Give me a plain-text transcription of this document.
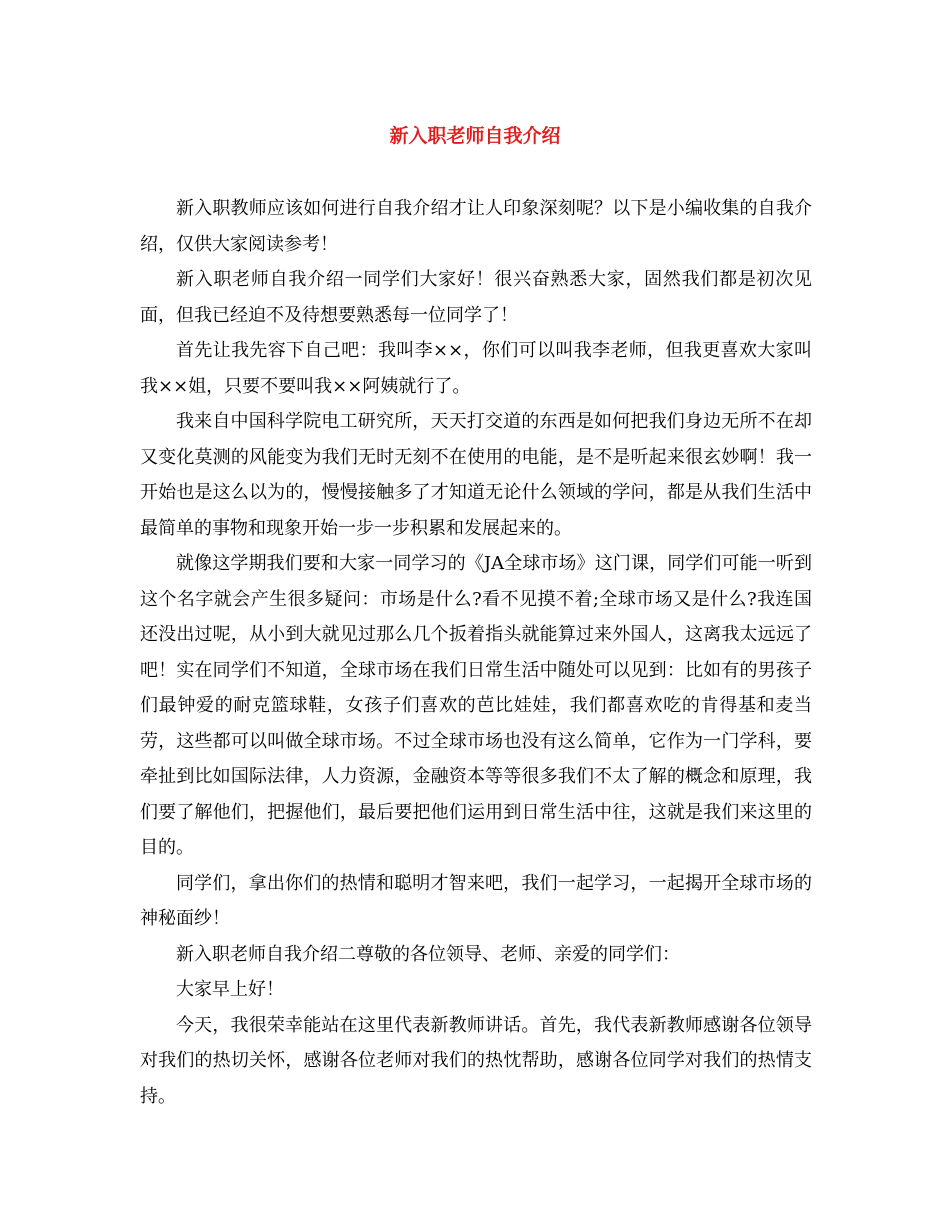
新入职老师自我介绍

新入职教师应该如何进行自我介绍才让人印象深刻呢？以下是小编收集的自我介绍，仅供大家阅读参考！

新入职老师自我介绍一同学们大家好！很兴奋熟悉大家，固然我们都是初次见面，但我已经迫不及待想要熟悉每一位同学了！

首先让我先容下自己吧：我叫李××，你们可以叫我李老师，但我更喜欢大家叫我××姐，只要不要叫我××阿姨就行了。

我来自中国科学院电工研究所，天天打交道的东西是如何把我们身边无所不在却又变化莫测的风能变为我们无时无刻不在使用的电能，是不是听起来很玄妙啊！我一开始也是这么以为的，慢慢接触多了才知道无论什么领域的学问，都是从我们生活中最简单的事物和现象开始一步一步积累和发展起来的。

就像这学期我们要和大家一同学习的《JA全球市场》这门课，同学们可能一听到这个名字就会产生很多疑问：市场是什么?看不见摸不着;全球市场又是什么?我连国还没出过呢，从小到大就见过那么几个扳着指头就能算过来外国人，这离我太远远了吧！实在同学们不知道，全球市场在我们日常生活中随处可以见到：比如有的男孩子们最钟爱的耐克篮球鞋，女孩子们喜欢的芭比娃娃，我们都喜欢吃的肯得基和麦当劳，这些都可以叫做全球市场。不过全球市场也没有这么简单，它作为一门学科，要牵扯到比如国际法律，人力资源，金融资本等等很多我们不太了解的概念和原理，我们要了解他们，把握他们，最后要把他们运用到日常生活中往，这就是我们来这里的目的。

同学们，拿出你们的热情和聪明才智来吧，我们一起学习，一起揭开全球市场的神秘面纱！

新入职老师自我介绍二尊敬的各位领导、老师、亲爱的同学们：

大家早上好！

今天，我很荣幸能站在这里代表新教师讲话。首先，我代表新教师感谢各位领导对我们的热切关怀，感谢各位老师对我们的热忱帮助，感谢各位同学对我们的热情支持。
